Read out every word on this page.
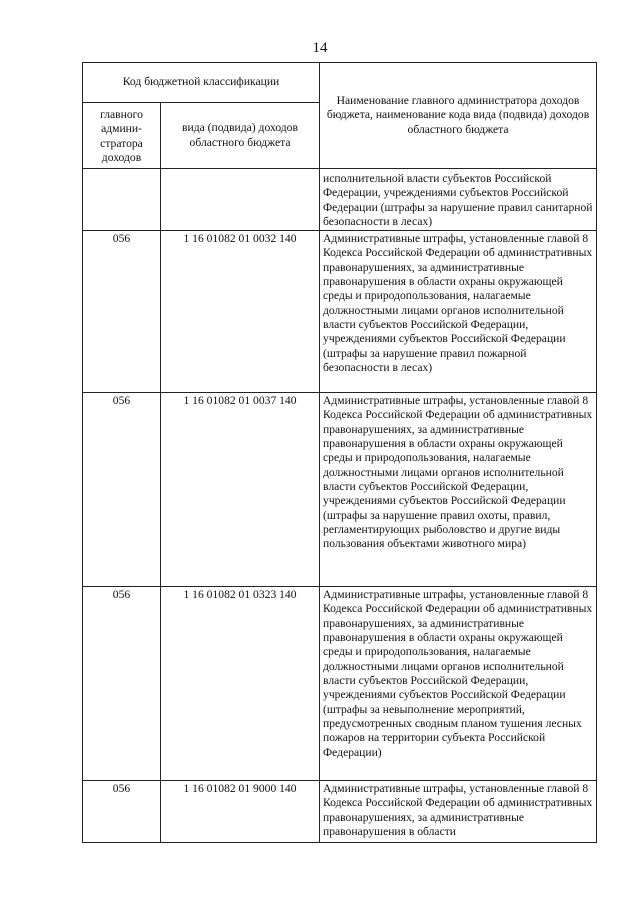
14
Код бюджетной классификации		Наименование главного администратора доходов бюджета, наименование кода вида (подвида) доходов областного бюджета
главного админи-стратора доходов	вида (подвида) доходов областного бюджета	
		исполнительной власти субъектов Российской Федерации, учреждениями субъектов Российской Федерации (штрафы за нарушение правил санитарной безопасности в лесах)
056	1 16 01082 01 0032 140	Административные штрафы, установленные главой 8 Кодекса Российской Федерации об административных правонарушениях, за административные правонарушения в области охраны окружающей среды и природопользования, налагаемые должностными лицами органов исполнительной власти субъектов Российской Федерации, учреждениями субъектов Российской Федерации (штрафы за нарушение правил пожарной безопасности в лесах)
056	1 16 01082 01 0037 140	Административные штрафы, установленные главой 8 Кодекса Российской Федерации об административных правонарушениях, за административные правонарушения в области охраны окружающей среды и природопользования, налагаемые должностными лицами органов исполнительной власти субъектов Российской Федерации, учреждениями субъектов Российской Федерации (штрафы за нарушение правил охоты, правил, регламентирующих рыболовство и другие виды пользования объектами животного мира)
056	1 16 01082 01 0323 140	Административные штрафы, установленные главой 8 Кодекса Российской Федерации об административных правонарушениях, за административные правонарушения в области охраны окружающей среды и природопользования, налагаемые должностными лицами органов исполнительной власти субъектов Российской Федерации, учреждениями субъектов Российской Федерации (штрафы за невыполнение мероприятий, предусмотренных сводным планом тушения лесных пожаров на территории субъекта Российской Федерации)
056	1 16 01082 01 9000 140	Административные штрафы, установленные главой 8 Кодекса Российской Федерации об административных правонарушениях, за административные правонарушения в области
